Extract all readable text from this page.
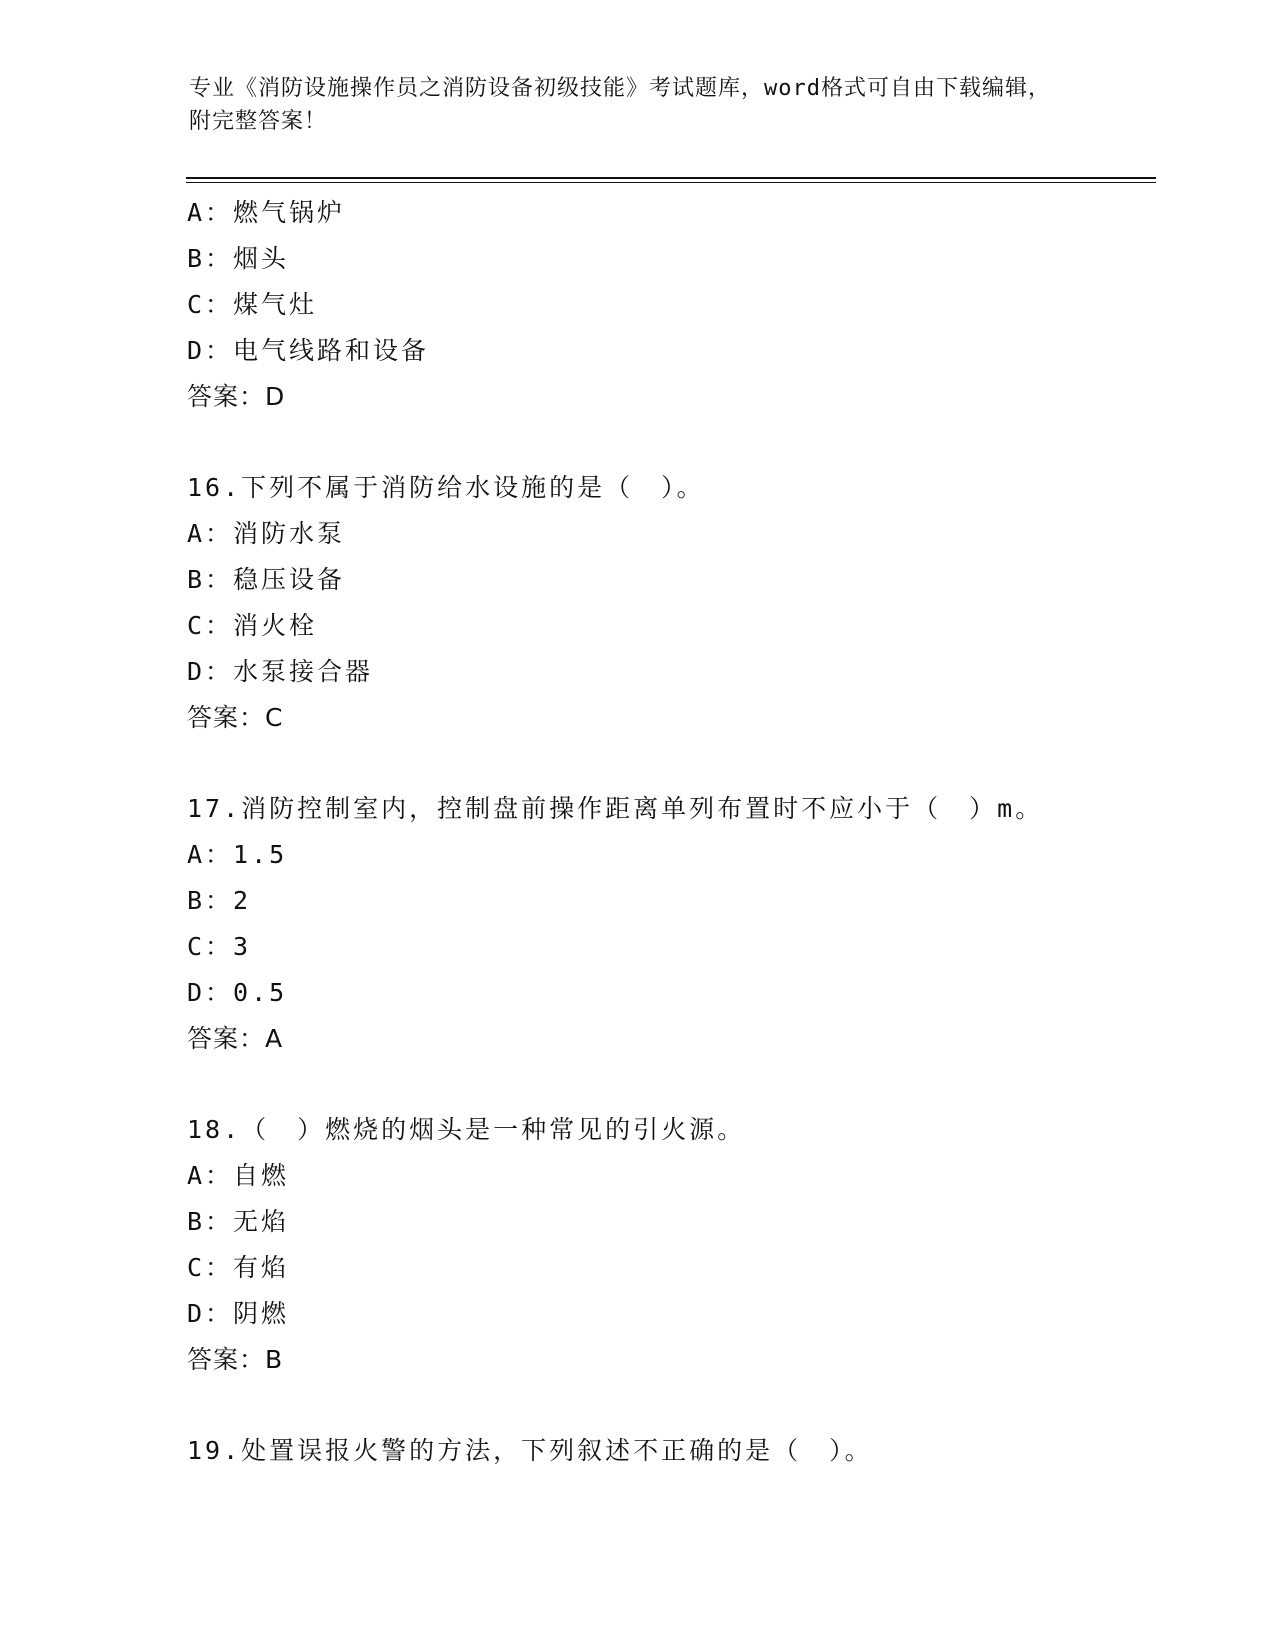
专业《消防设施操作员之消防设备初级技能》考试题库，word格式可自由下载编辑，附完整答案！
A：燃气锅炉
B：烟头
C：煤气灶
D：电气线路和设备
答案：D
16.下列不属于消防给水设施的是（　）。
A：消防水泵
B：稳压设备
C：消火栓
D：水泵接合器
答案：C
17.消防控制室内，控制盘前操作距离单列布置时不应小于（　）m。
A：1.5
B：2
C：3
D：0.5
答案：A
18.（　）燃烧的烟头是一种常见的引火源。
A：自燃
B：无焰
C：有焰
D：阴燃
答案：B
19.处置误报火警的方法，下列叙述不正确的是（　）。
